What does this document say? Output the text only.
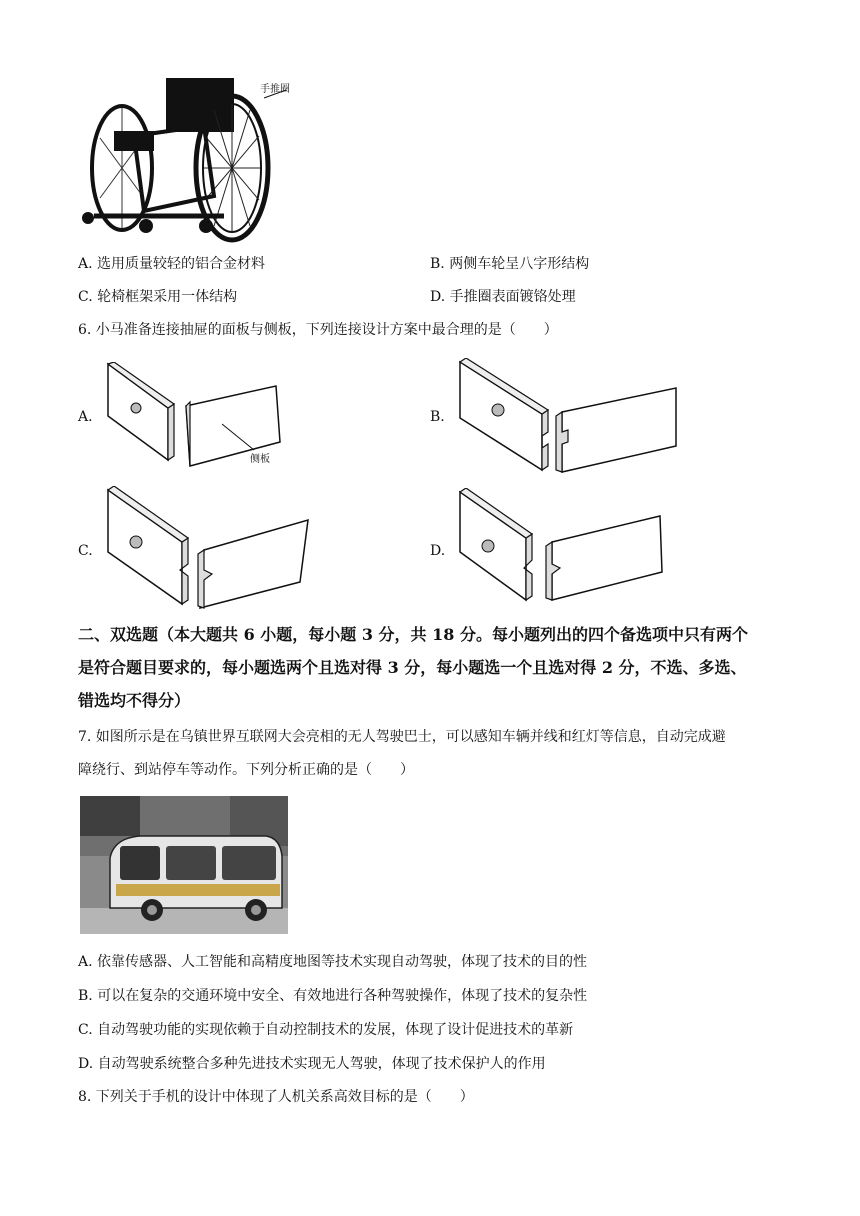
手推圈
A. 选用质量较轻的铝合金材料	B. 两侧车轮呈八字形结构
C. 轮椅框架采用一体结构	D. 手推圈表面镀铬处理
6. 小马准备连接抽屉的面板与侧板，下列连接设计方案中最合理的是（　　）
A.
侧板
B.
C.	D.
二、双选题（本大题共 6 小题，每小题 3 分，共 18 分。每小题列出的四个备选项中只有两个
是符合题目要求的，每小题选两个且选对得 3 分，每小题选一个且选对得 2 分，不选、多选、
错选均不得分）
7. 如图所示是在乌镇世界互联网大会亮相的无人驾驶巴士，可以感知车辆并线和红灯等信息，自动完成避
障绕行、到站停车等动作。下列分析正确的是（　　）
A. 依靠传感器、人工智能和高精度地图等技术实现自动驾驶，体现了技术的目的性
B. 可以在复杂的交通环境中安全、有效地进行各种驾驶操作，体现了技术的复杂性
C. 自动驾驶功能的实现依赖于自动控制技术的发展，体现了设计促进技术的革新
D. 自动驾驶系统整合多种先进技术实现无人驾驶，体现了技术保护人的作用
8. 下列关于手机的设计中体现了人机关系高效目标的是（　　）
